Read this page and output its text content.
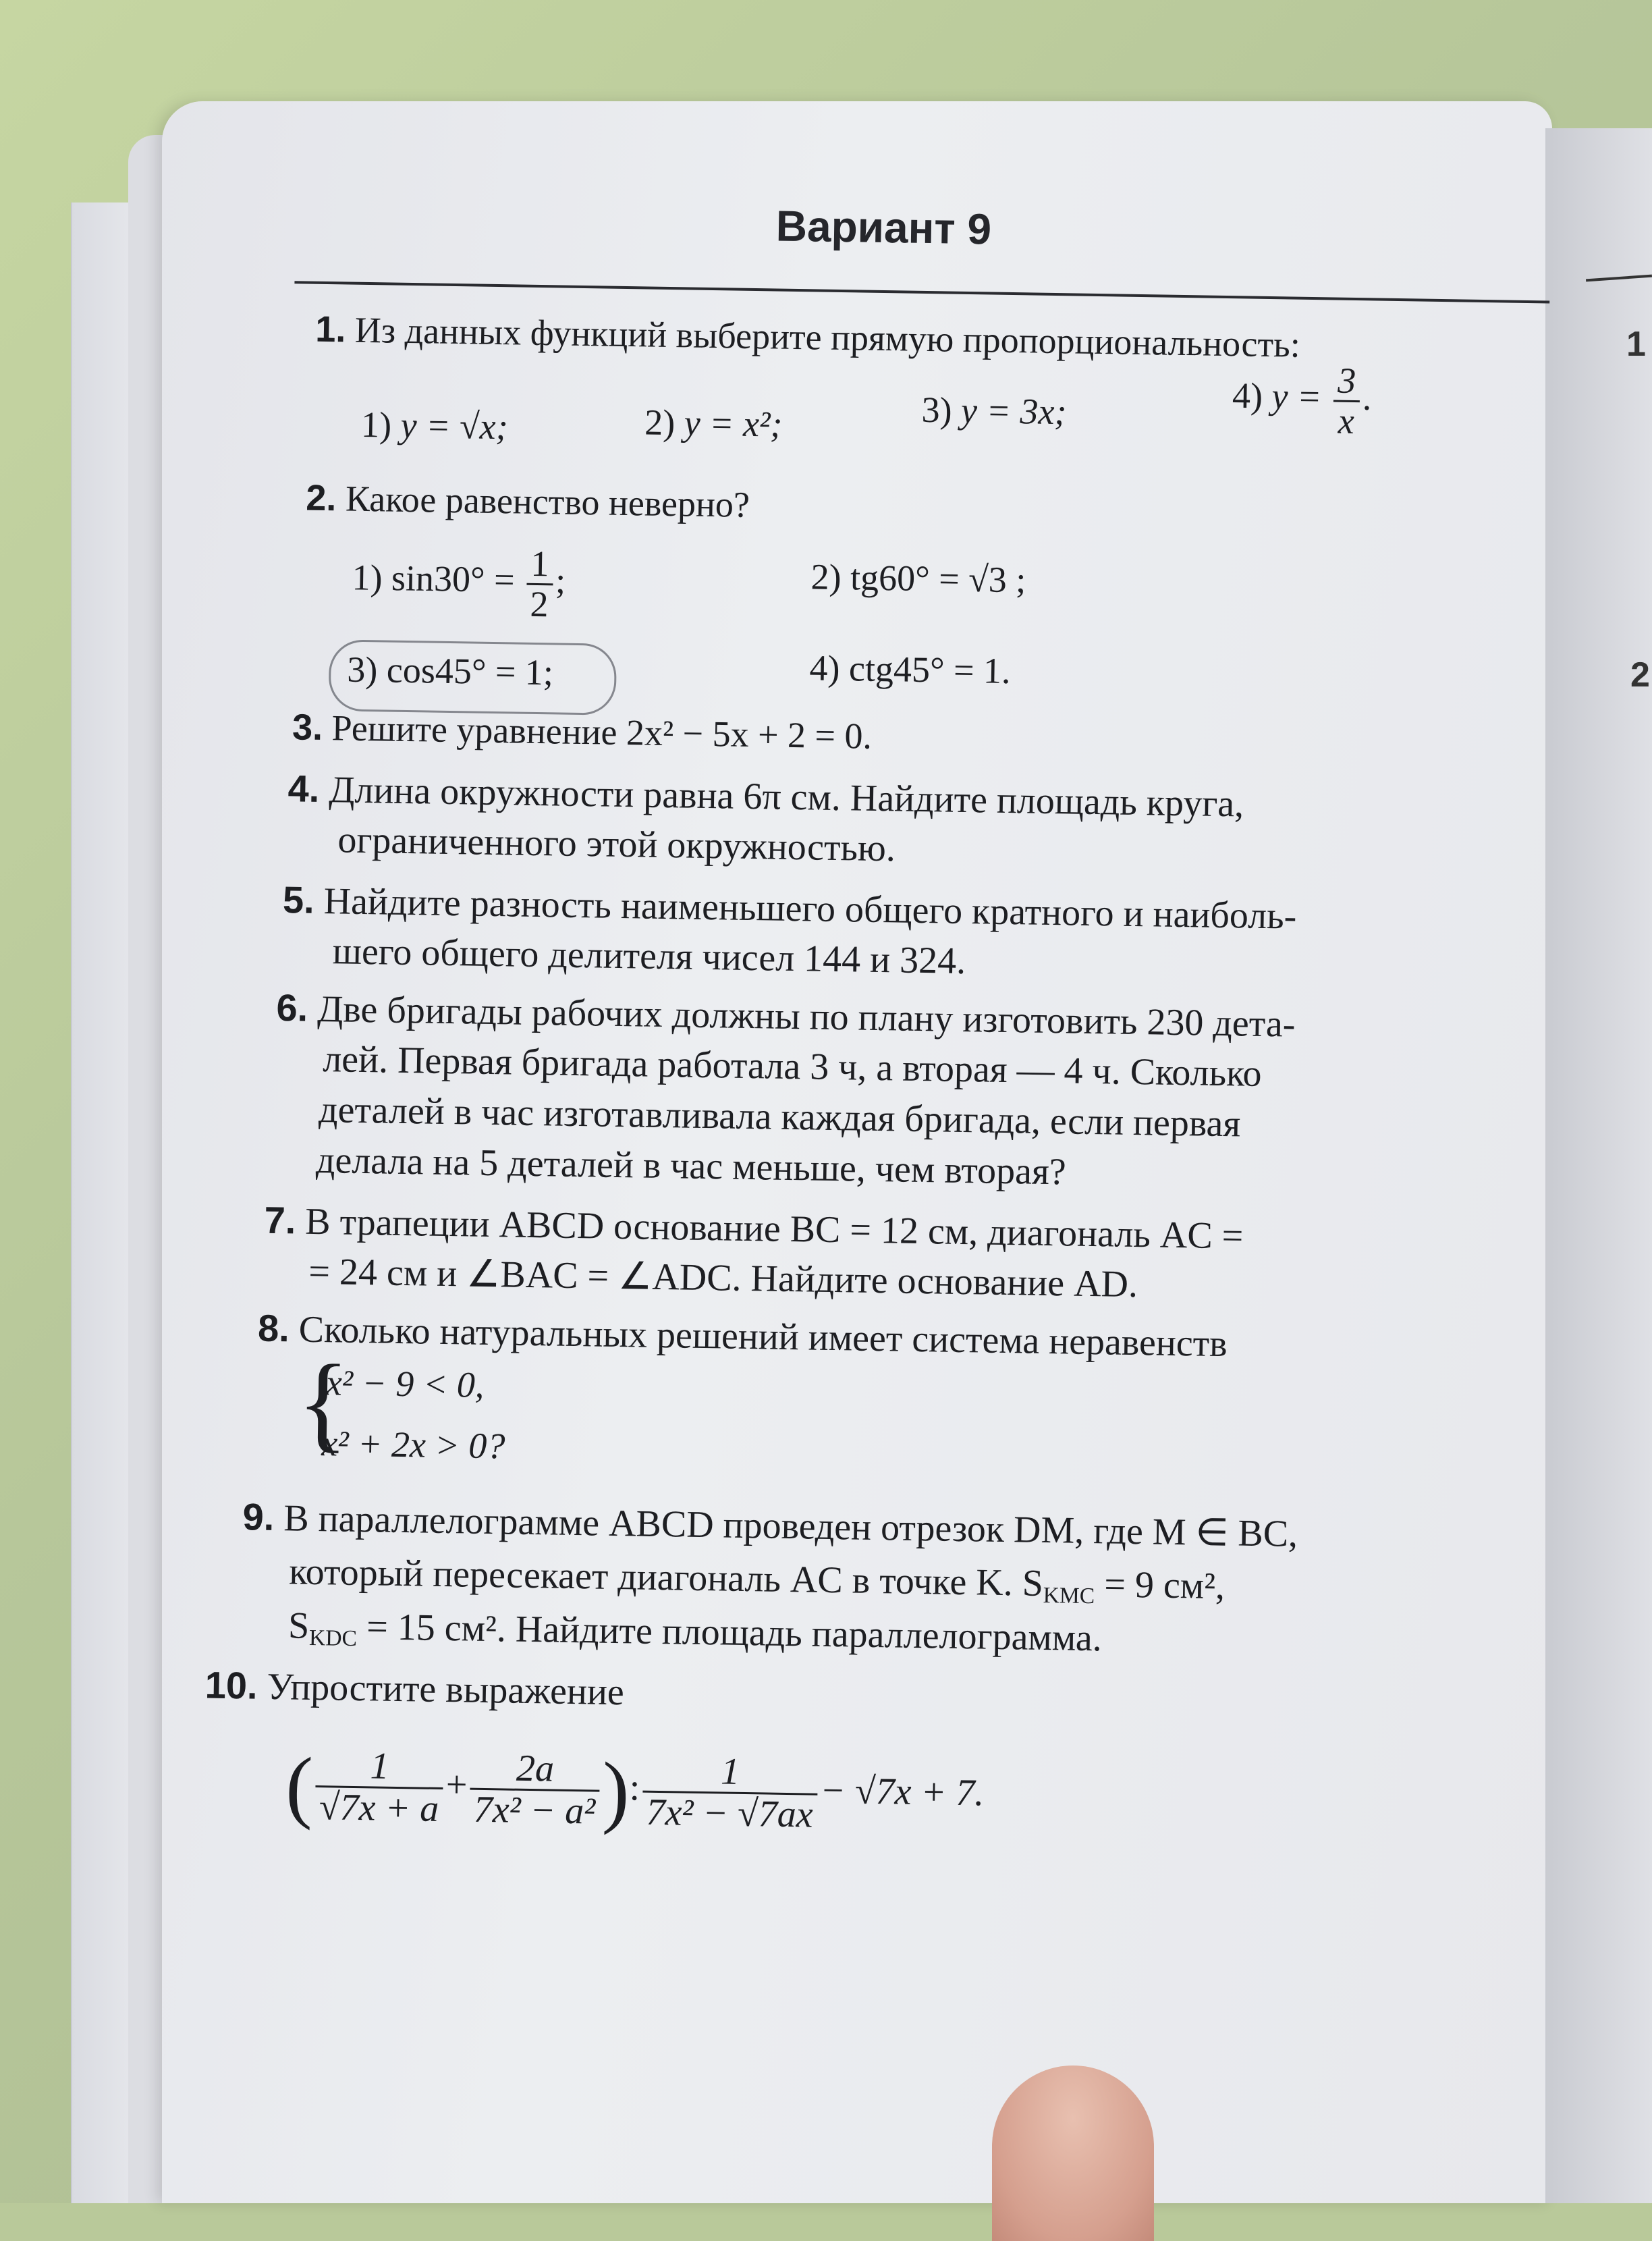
1
2
Вариант 9
1. Из данных функций выберите прямую пропорциональность:
1) y = √x;	2) y = x²;	3) y = 3x;	4) $y = \frac{3}{x}$ .
2. Какое равенство неверно?
1) $\sin 30^\circ = \frac{1}{2}$ ;	2) tg60° = √3 ;
3) cos45° = 1;	4) ctg45° = 1.
3. Решите уравнение 2x² − 5x + 2 = 0.
4. Длина окружности равна 6π см. Найдите площадь круга,
ограниченного этой окружностью.
5. Найдите разность наименьшего общего кратного и наиболь-
шего общего делителя чисел 144 и 324.
6. Две бригады рабочих должны по плану изготовить 230 дета-
лей. Первая бригада работала 3 ч, а вторая — 4 ч. Сколько
деталей в час изготавливала каждая бригада, если первая
делала на 5 деталей в час меньше, чем вторая?
7. В трапеции ABCD основание BC = 12 см, диагональ AC =
= 24 см и ∠BAC = ∠ADC. Найдите основание AD.
8. Сколько натуральных решений имеет система неравенств
{
x² − 9 < 0,
x² + 2x > 0?
9. В параллелограмме ABCD проведен отрезок DM, где M ∈ BC,
который пересекает диагональ AC в точке K. $S_{KMC} = 9$ см²,
$S_{KDC} = 15$ см². Найдите площадь параллелограмма.
10. Упростите выражение
( $\frac{1}{√7x + a} + \frac{2a}{\text{7x² − a²}}$ ): $\frac{1}{\text{7x² − √7ax}} - √7x + 7$.
